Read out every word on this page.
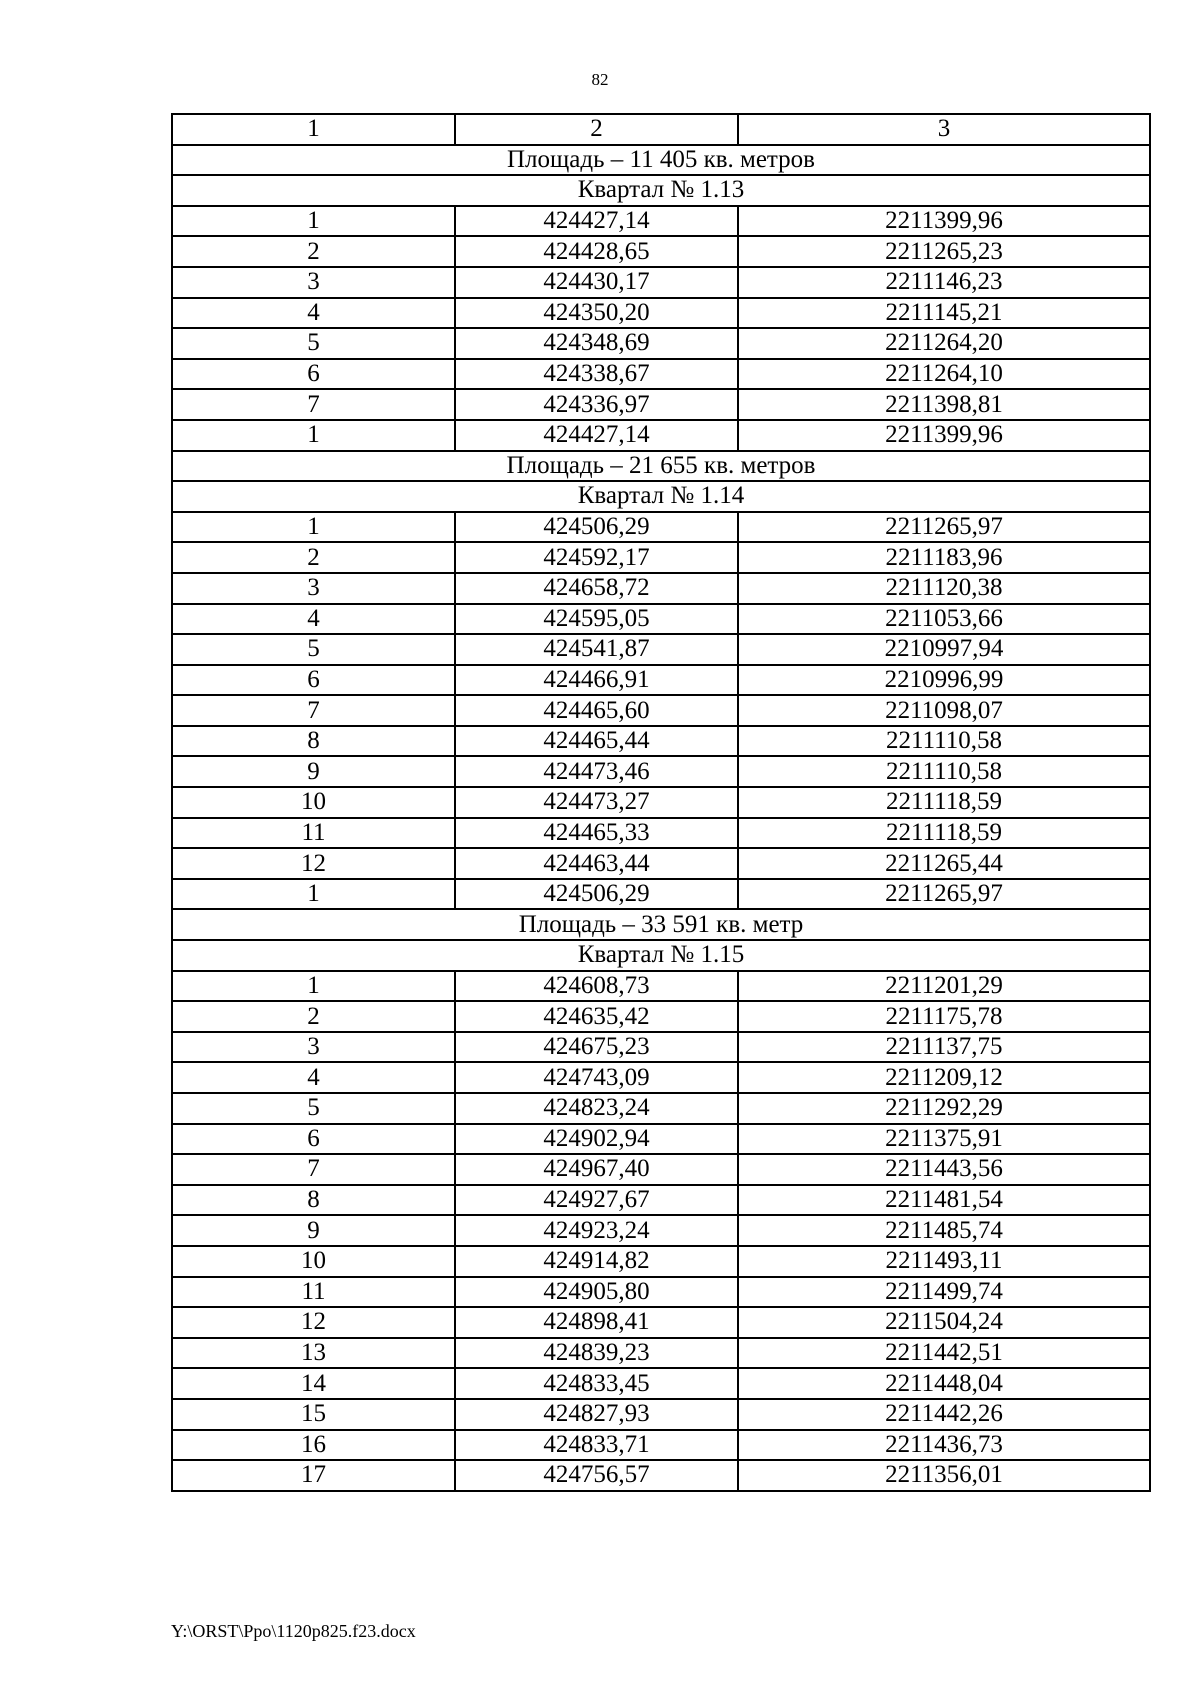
82
1	2	3
Площадь – 11 405 кв. метров		
Квартал № 1.13		
1	424427,14	2211399,96
2	424428,65	2211265,23
3	424430,17	2211146,23
4	424350,20	2211145,21
5	424348,69	2211264,20
6	424338,67	2211264,10
7	424336,97	2211398,81
1	424427,14	2211399,96
Площадь – 21 655 кв. метров		
Квартал № 1.14		
1	424506,29	2211265,97
2	424592,17	2211183,96
3	424658,72	2211120,38
4	424595,05	2211053,66
5	424541,87	2210997,94
6	424466,91	2210996,99
7	424465,60	2211098,07
8	424465,44	2211110,58
9	424473,46	2211110,58
10	424473,27	2211118,59
11	424465,33	2211118,59
12	424463,44	2211265,44
1	424506,29	2211265,97
Площадь – 33 591 кв. метр		
Квартал № 1.15		
1	424608,73	2211201,29
2	424635,42	2211175,78
3	424675,23	2211137,75
4	424743,09	2211209,12
5	424823,24	2211292,29
6	424902,94	2211375,91
7	424967,40	2211443,56
8	424927,67	2211481,54
9	424923,24	2211485,74
10	424914,82	2211493,11
11	424905,80	2211499,74
12	424898,41	2211504,24
13	424839,23	2211442,51
14	424833,45	2211448,04
15	424827,93	2211442,26
16	424833,71	2211436,73
17	424756,57	2211356,01
Y:\ORST\Ppo\1120p825.f23.docx
